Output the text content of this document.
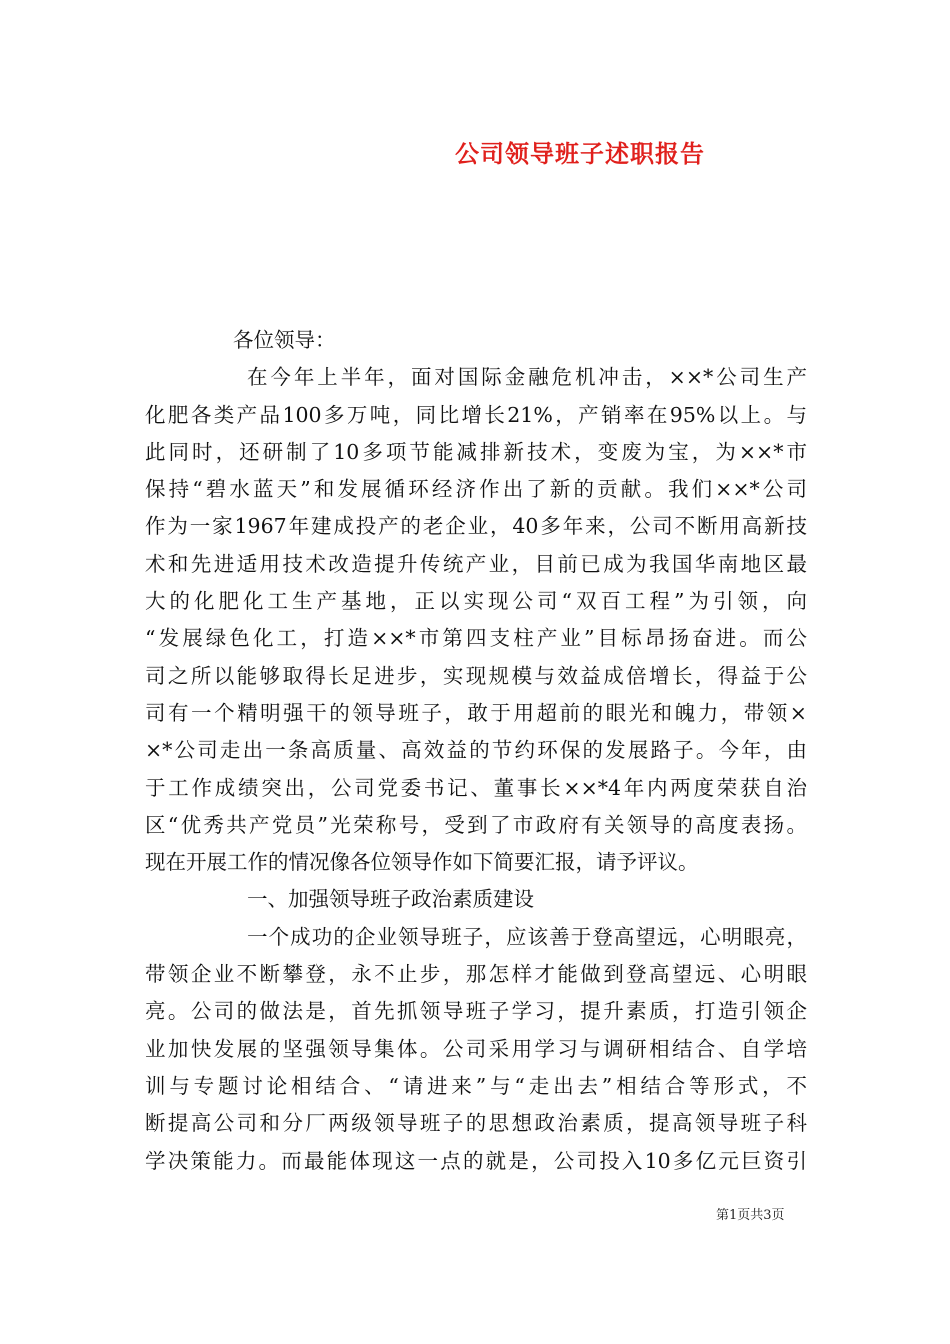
公司领导班子述职报告
各位领导：
在今年上半年，面对国际金融危机冲击，××*公司生产
化肥各类产品100多万吨，同比增长21%，产销率在95%以上。与
此同时，还研制了10多项节能减排新技术，变废为宝，为××*市
保持“碧水蓝天”和发展循环经济作出了新的贡献。我们××*公司
作为一家1967年建成投产的老企业，40多年来，公司不断用高新技
术和先进适用技术改造提升传统产业，目前已成为我国华南地区最
大的化肥化工生产基地，正以实现公司“双百工程”为引领，向
“发展绿色化工，打造××*市第四支柱产业”目标昂扬奋进。而公
司之所以能够取得长足进步，实现规模与效益成倍增长，得益于公
司有一个精明强干的领导班子，敢于用超前的眼光和魄力，带领×
×*公司走出一条高质量、高效益的节约环保的发展路子。今年，由
于工作成绩突出，公司党委书记、董事长××*4年内两度荣获自治
区“优秀共产党员”光荣称号，受到了市政府有关领导的高度表扬。
现在开展工作的情况像各位领导作如下简要汇报，请予评议。
一、加强领导班子政治素质建设
一个成功的企业领导班子，应该善于登高望远，心明眼亮，
带领企业不断攀登，永不止步，那怎样才能做到登高望远、心明眼
亮。公司的做法是，首先抓领导班子学习，提升素质，打造引领企
业加快发展的坚强领导集体。公司采用学习与调研相结合、自学培
训与专题讨论相结合、“请进来”与“走出去”相结合等形式，不
断提高公司和分厂两级领导班子的思想政治素质，提高领导班子科
学决策能力。而最能体现这一点的就是，公司投入10多亿元巨资引
第1页共3页
